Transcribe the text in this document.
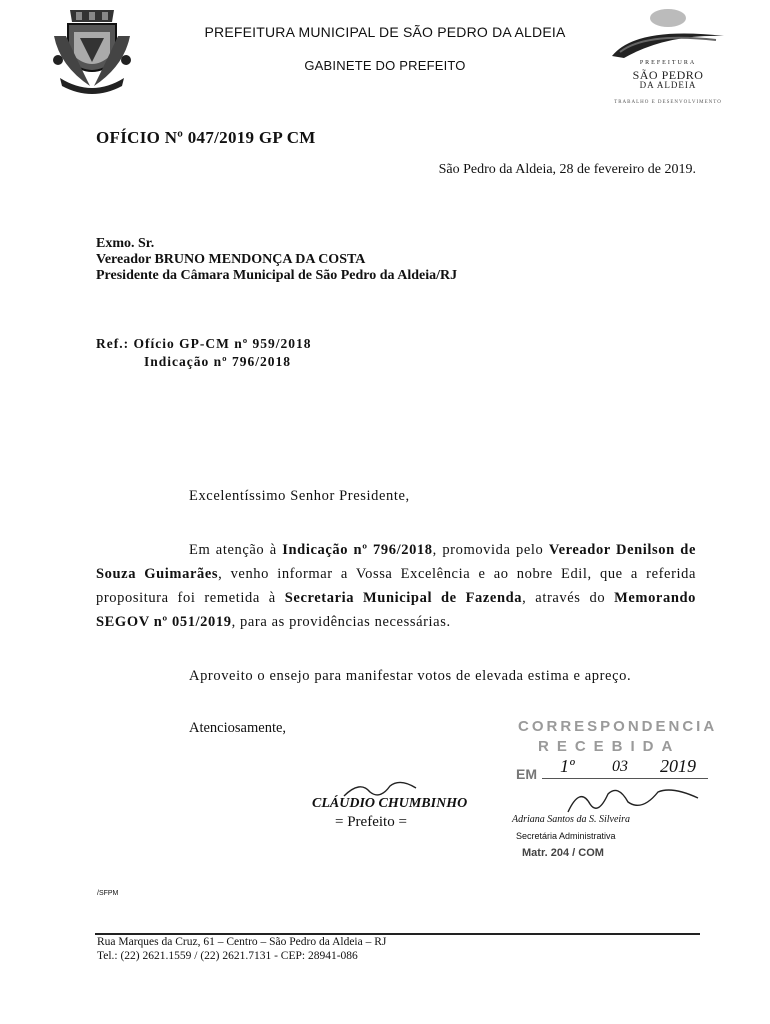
PREFEITURA MUNICIPAL DE SÃO PEDRO DA ALDEIA
GABINETE DO PREFEITO	PREFEITURA
SÃO PEDRO
DA ALDEIA
TRABALHO E DESENVOLVIMENTO
OFÍCIO Nº 047/2019 GP CM
São Pedro da Aldeia, 28 de fevereiro de 2019.
Exmo. Sr.
Vereador BRUNO MENDONÇA DA COSTA
Presidente da Câmara Municipal de São Pedro da Aldeia/RJ
Ref.: Ofício GP-CM nº 959/2018
Indicação nº 796/2018
Excelentíssimo Senhor Presidente,
Em atenção à Indicação nº 796/2018, promovida pelo Vereador Denilson de Souza Guimarães, venho informar a Vossa Excelência e ao nobre Edil, que a referida propositura foi remetida à Secretaria Municipal de Fazenda, através do Memorando SEGOV nº 051/2019, para as providências necessárias.
Aproveito o ensejo para manifestar votos de elevada estima e apreço.
Atenciosamente,
CLÁUDIO CHUMBINHO
= Prefeito =
CORRESPONDENCIA
RECEBIDA
EM 1º 03 2019
Adriana Santos da S. Silveira
Secretária Administrativa
Matr. 204 / COM
/SFPM
Rua Marques da Cruz, 61 – Centro – São Pedro da Aldeia – RJ
Tel.: (22) 2621.1559 / (22) 2621.7131 - CEP: 28941-086
